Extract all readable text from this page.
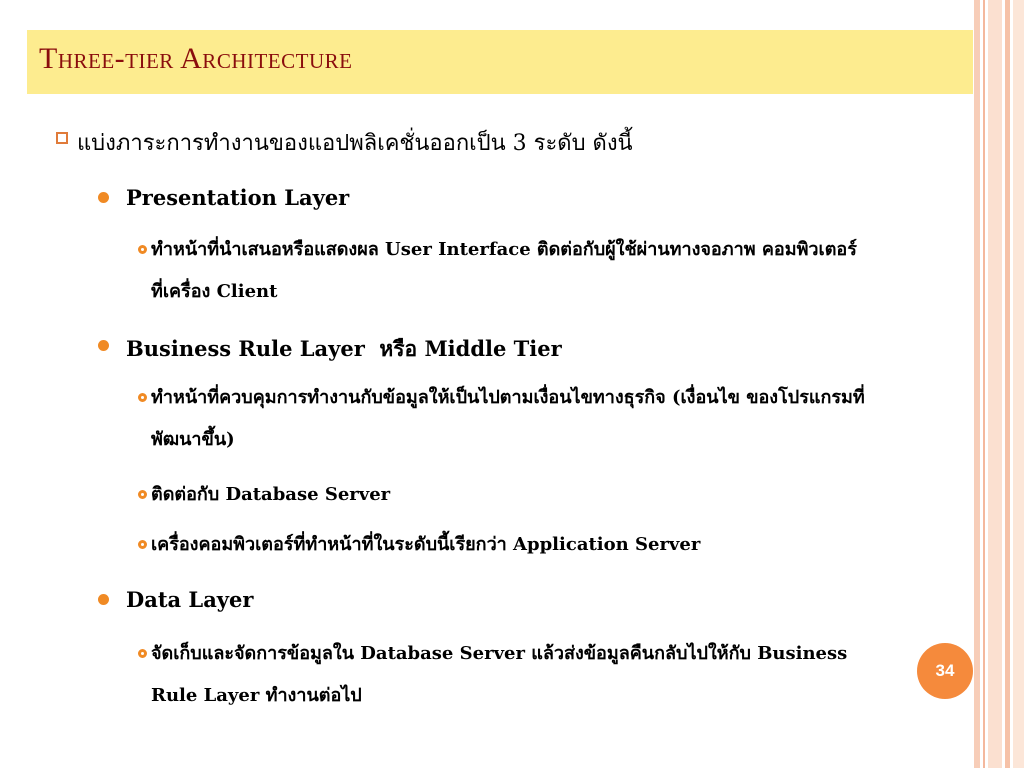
Three-tier Architecture
แบ่งภาระการทำงานของแอปพลิเคชั่นออกเป็น 3 ระดับ ดังนี้
Presentation Layer
ทำหน้าที่นำเสนอหรือแสดงผล User Interface ติดต่อกับผู้ใช้ผ่านทางจอภาพ คอมพิวเตอร์ที่เครื่อง Client
Business Rule Layer  หรือ Middle Tier
ทำหน้าที่ควบคุมการทำงานกับข้อมูลให้เป็นไปตามเงื่อนไขทางธุรกิจ (เงื่อนไข ของโปรแกรมที่พัฒนาขึ้น)
ติดต่อกับ Database Server
เครื่องคอมพิวเตอร์ที่ทำหน้าที่ในระดับนี้เรียกว่า Application Server
Data Layer
จัดเก็บและจัดการข้อมูลใน Database Server แล้วส่งข้อมูลคืนกลับไปให้กับ Business Rule Layer ทำงานต่อไป
34
